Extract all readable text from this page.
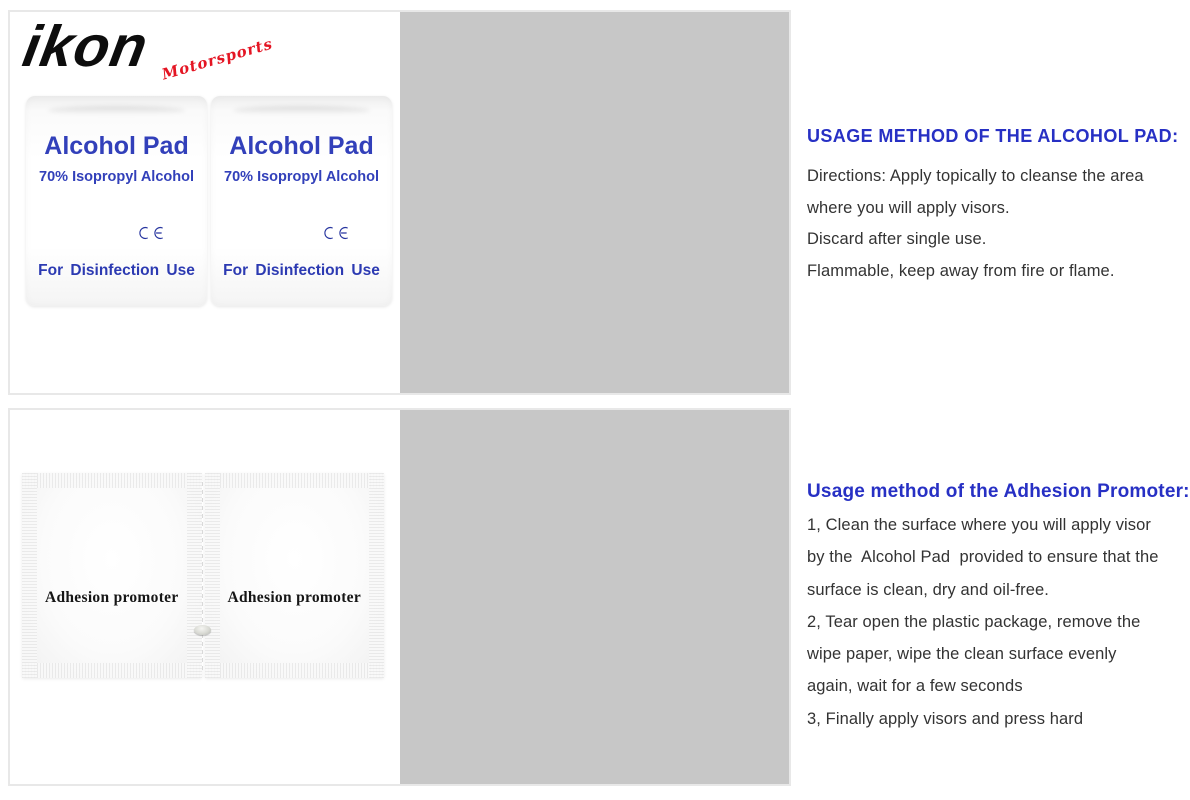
ikon Motorsports
Alcohol Pad
70% Isopropyl Alcohol
For Disinfection Use
Alcohol Pad
70% Isopropyl Alcohol
For Disinfection Use
USAGE METHOD OF THE ALCOHOL PAD:
Directions: Apply topically to cleanse the area
where you will apply visors.
Discard after single use.
Flammable, keep away from fire or flame.
Adhesion promoter	Adhesion promoter
Usage method of the Adhesion Promoter:
1, Clean the surface where you will apply visor
by the  Alcohol Pad  provided to ensure that the
surface is clean, dry and oil-free.
2, Tear open the plastic package, remove the
wipe paper, wipe the clean surface evenly
again, wait for a few seconds
3, Finally apply visors and press hard
